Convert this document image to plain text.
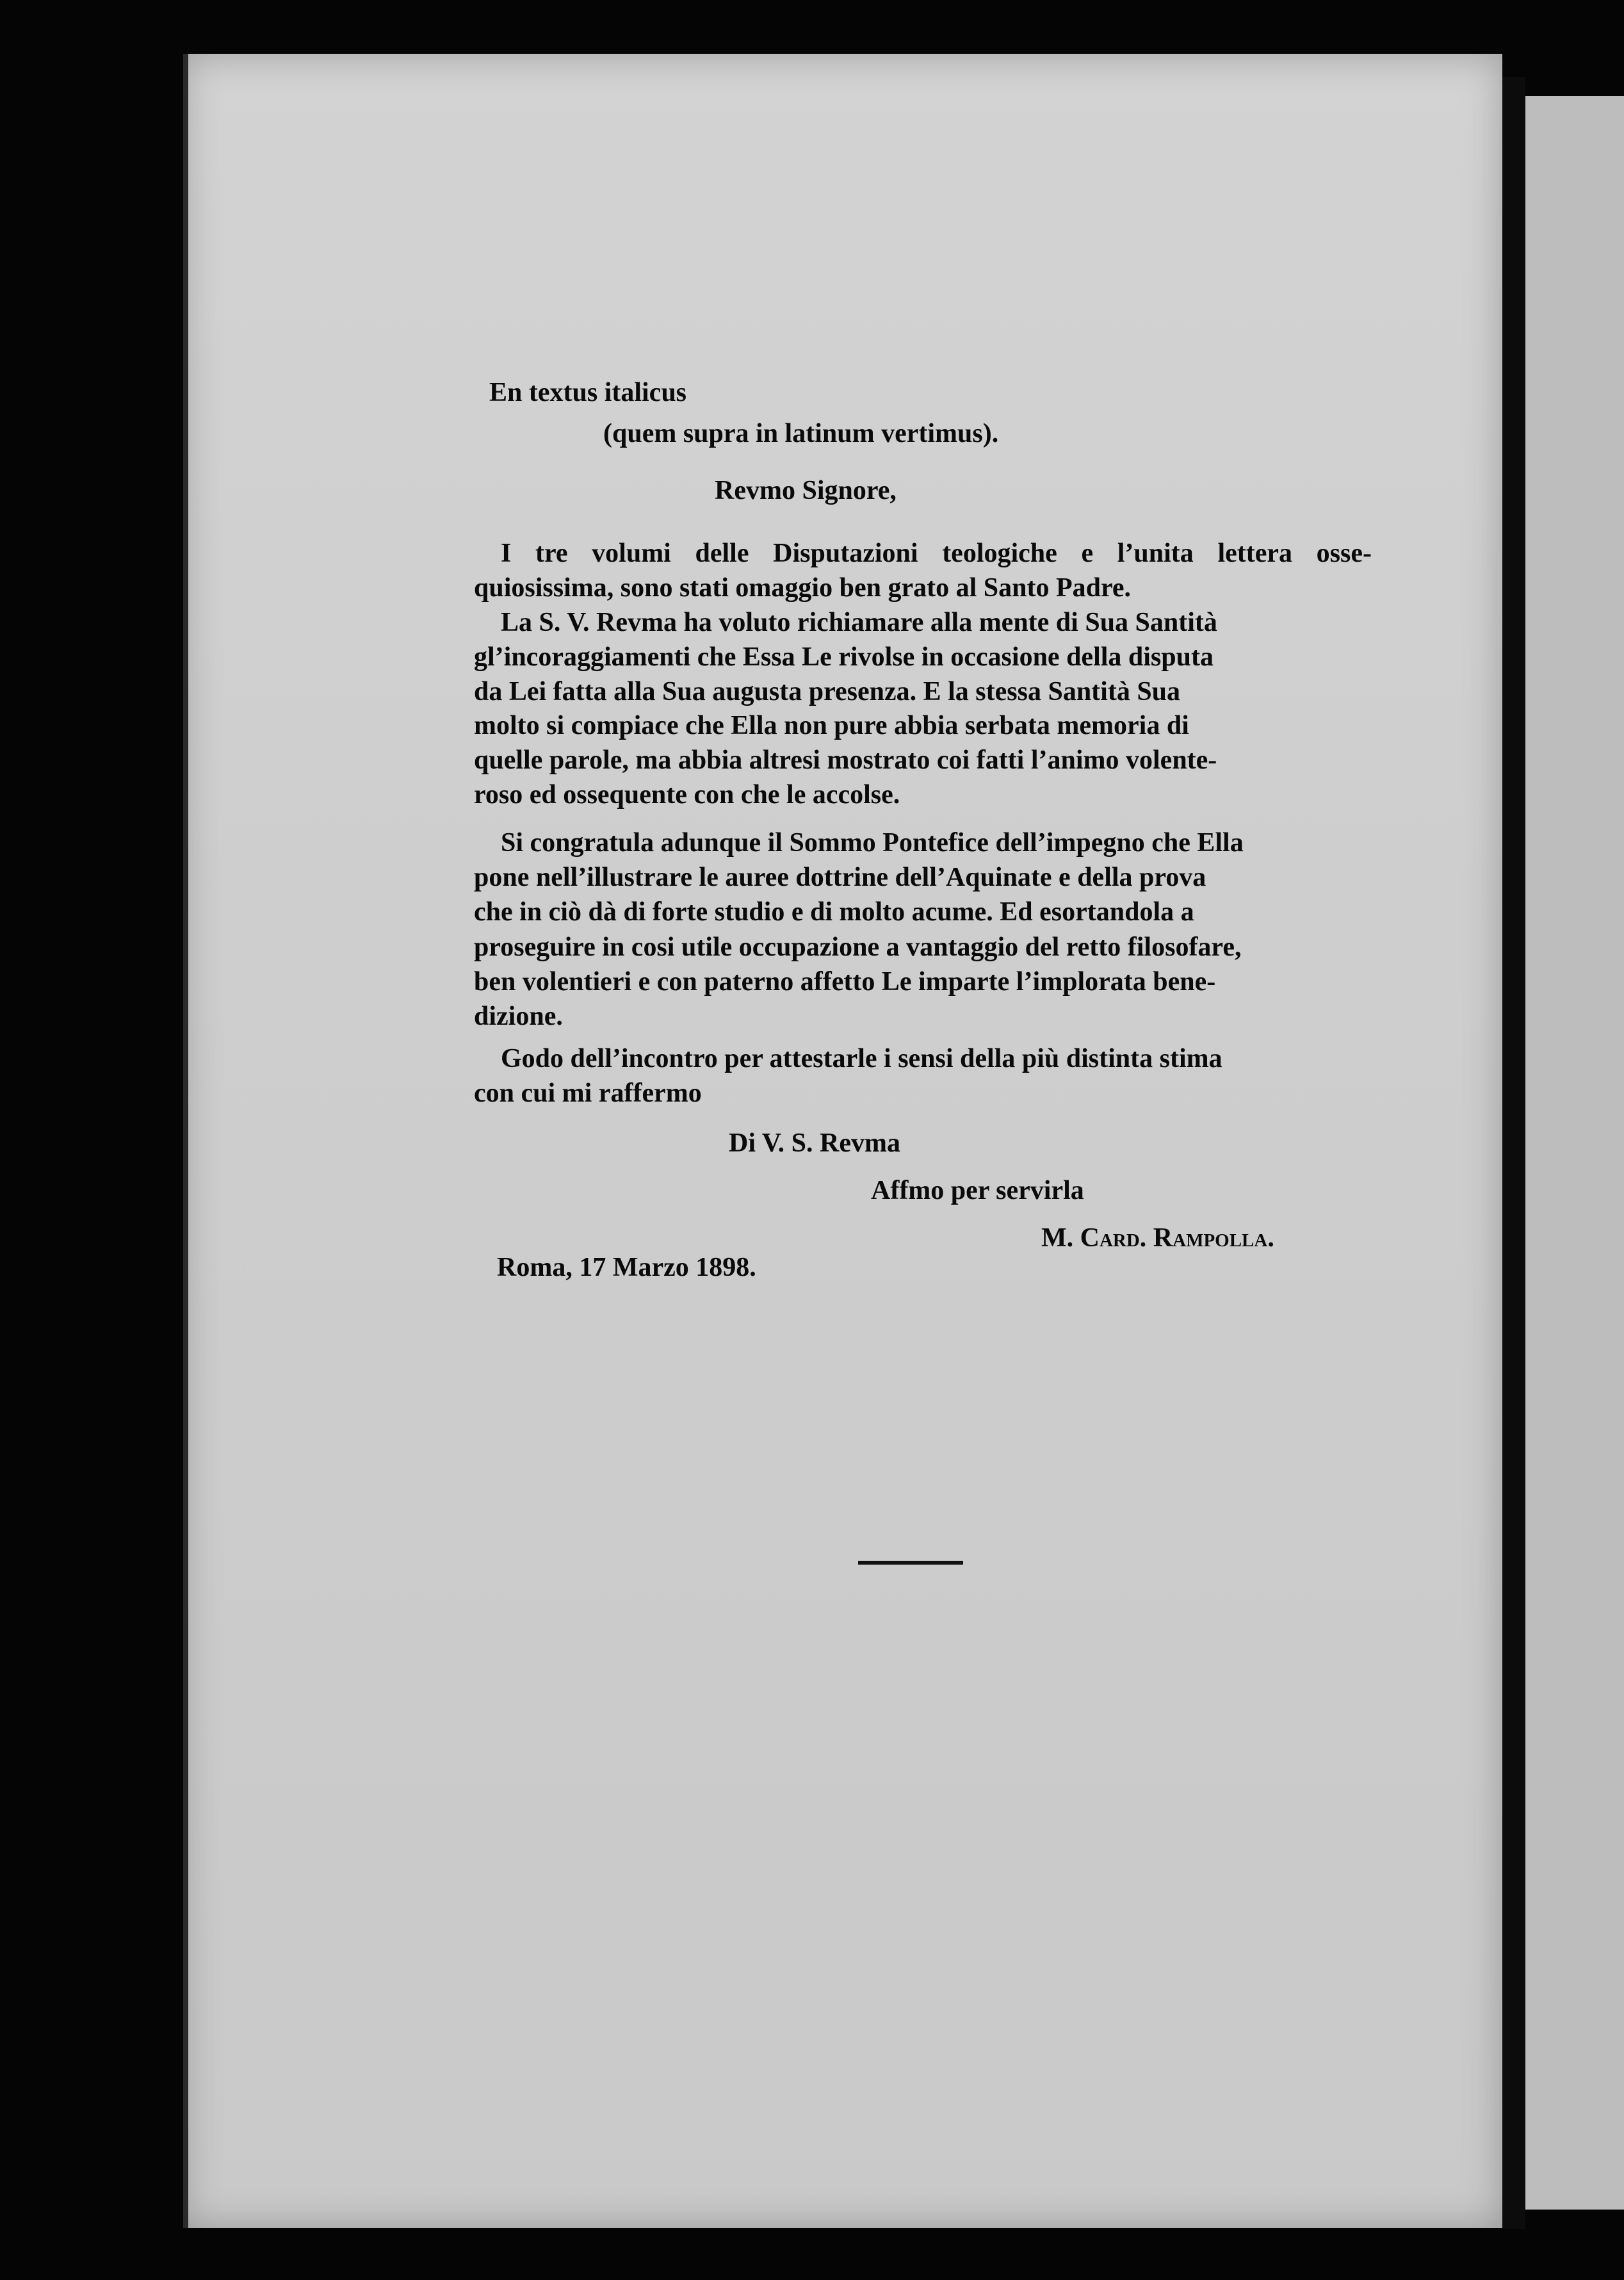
En textus italicus
(quem supra in latinum vertimus).
Revmo Signore,
I tre volumi delle Disputazioni teologiche e l’unita lettera osse-
quiosissima, sono stati omaggio ben grato al Santo Padre.
La S. V. Revma ha voluto richiamare alla mente di Sua Santità
gl’incoraggiamenti che Essa Le rivolse in occasione della disputa
da Lei fatta alla Sua augusta presenza. E la stessa Santità Sua
molto si compiace che Ella non pure abbia serbata memoria di
quelle parole, ma abbia altresi mostrato coi fatti l’animo volente-
roso ed ossequente con che le accolse.
Si congratula adunque il Sommo Pontefice dell’impegno che Ella
pone nell’illustrare le auree dottrine dell’Aquinate e della prova
che in ciò dà di forte studio e di molto acume. Ed esortandola a
proseguire in cosi utile occupazione a vantaggio del retto filosofare,
ben volentieri e con paterno affetto Le imparte l’implorata bene-
dizione.
Godo dell’incontro per attestarle i sensi della più distinta stima
con cui mi raffermo
Di V. S. Revma
Affmo per servirla
M. Card. Rampolla.
Roma, 17 Marzo 1898.
